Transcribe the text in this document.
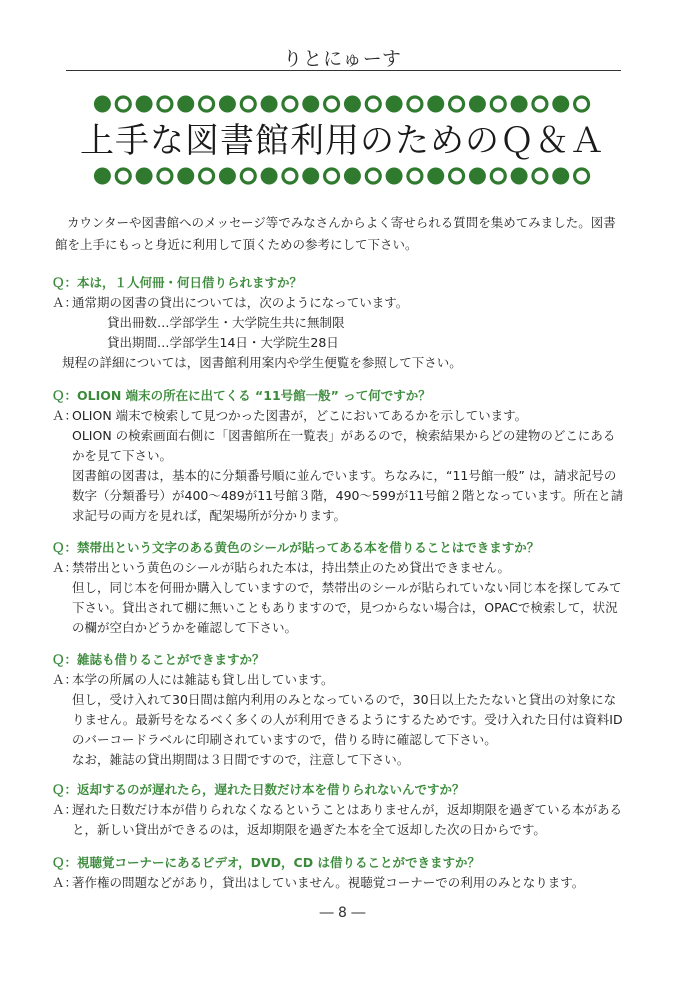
りとにゅーす
上手な図書館利用のためのＱ＆Ａ

カウンターや図書館へのメッセージ等でみなさんからよく寄せられる質問を集めてみました。図書館を上手にもっと身近に利用して頂くための参考にして下さい。

Ｑ：本は，１人何冊・何日借りられますか？

Ａ：

通常期の図書の貸出については，次のようになっています。

　　貸出冊数…学部学生・大学院生共に無制限

　　貸出期間…学部学生14日・大学院生28日

規程の詳細については，図書館利用案内や学生便覧を参照して下さい。

Ｑ：OLION 端末の所在に出てくる “11号館一般” って何ですか？

Ａ：

OLION 端末で検索して見つかった図書が，どこにおいてあるかを示しています。

OLION の検索画面右側に「図書館所在一覧表」があるので，検索結果からどの建物のどこにあるかを見て下さい。

図書館の図書は，基本的に分類番号順に並んでいます。ちなみに，“11号館一般” は，請求記号の数字（分類番号）が400〜489が11号館３階，490〜599が11号館２階となっています。所在と請求記号の両方を見れば，配架場所が分かります。

Ｑ：禁帯出という文字のある黄色のシールが貼ってある本を借りることはできますか？

Ａ：

禁帯出という黄色のシールが貼られた本は，持出禁止のため貸出できません。

但し，同じ本を何冊か購入していますので，禁帯出のシールが貼られていない同じ本を探してみて下さい。貸出されて棚に無いこともありますので，見つからない場合は，OPACで検索して，状況の欄が空白かどうかを確認して下さい。

Ｑ：雑誌も借りることができますか？

Ａ：

本学の所属の人には雑誌も貸し出しています。

但し，受け入れて30日間は館内利用のみとなっているので，30日以上たたないと貸出の対象になりません。最新号をなるべく多くの人が利用できるようにするためです。受け入れた日付は資料IDのバーコードラベルに印刷されていますので，借りる時に確認して下さい。

なお，雑誌の貸出期間は３日間ですので，注意して下さい。

Ｑ：返却するのが遅れたら，遅れた日数だけ本を借りられないんですか？

Ａ：

遅れた日数だけ本が借りられなくなるということはありませんが，返却期限を過ぎている本があると，新しい貸出ができるのは，返却期限を過ぎた本を全て返却した次の日からです。

Ｑ：視聴覚コーナーにあるビデオ，DVD，CD は借りることができますか？

Ａ：

著作権の問題などがあり，貸出はしていません。視聴覚コーナーでの利用のみとなります。

― 8 ―
